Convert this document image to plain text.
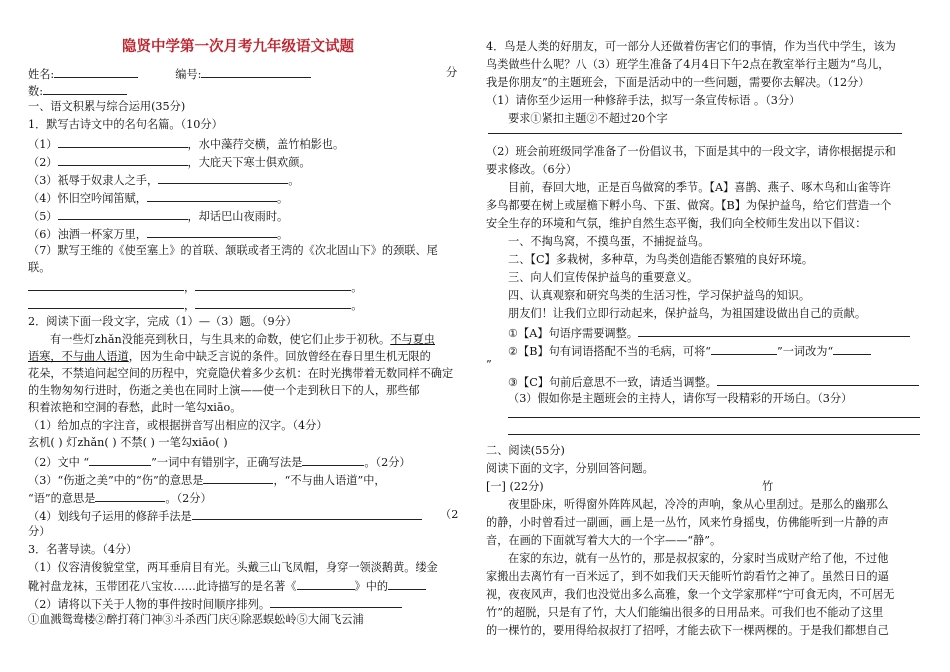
隐贤中学第一次月考九年级语文试题
姓名:	编号:	分
数:
一、语文积累与综合运用(35分)
1．默写古诗文中的名句名篇。（10分）
（1）	，水中藻荇交横，盖竹柏影也。
（2）	，大庇天下寒士俱欢颜。
（3）祇辱于奴隶人之手，	。
（4）怀旧空吟闻笛赋，	。
（5）	，却话巴山夜雨时。
（6）浊酒一杯家万里，	。
（7）默写王维的《使至塞上》的首联、颔联或者王湾的《次北固山下》的颈联、尾
联。
，	。
，	。
2．阅读下面一段文字，完成（1）—（3）题。（9分）
有一些灯zhǎn没能亮到秋日，与生具来的命数，使它们止步于初秋。不与夏虫
语寒，不与曲人语道，因为生命中缺乏言说的条件。回放曾经在春日里生机无限的
花朵，不禁追问起空间的历程中，究竟隐伏着多少玄机：在时光携带着无数同样不确定
的生物匆匆行进时，伤逝之美也在同时上演——使一个走到秋日下的人，那些郁
积着浓艳和空洞的春愁，此时一笔勾xiāo。
（1）给加点的字注音，或根据拼音写出相应的汉字。（4分）
玄机( ) 灯zhǎn( ) 不禁( ) 一笔勾xiāo( )
（2）文中 “	”一词中有错别字，正确写法是	。（2分）
（3）“伤逝之美”中的“伤”的意思是	，“不与曲人语道”中，
“语”的意思是	。（2分）
（4）划线句子运用的修辞手法是	（2
分）
3．名著导读。（4分）
（1）仪容清俊貌堂堂，两耳垂肩目有光。头戴三山飞凤帽，身穿一领淡鹅黄。缕金
靴衬盘龙袜，玉带团花八宝妆……此诗描写的是名著《	》中的
（2）请将以下关于人物的事件按时间顺序排列。
①血溅鸳鸯楼②醉打蒋门神③斗杀西门庆④除恶蜈蚣岭⑤大闹飞云浦
4．鸟是人类的好朋友，可一部分人还做着伤害它们的事情，作为当代中学生，该为
鸟类做些什么呢？八（3）班学生准备了4月4日下午2点在教室举行主题为“鸟儿，
我是你朋友”的主题班会，下面是活动中的一些问题，需要你去解决。（12分）
（1）请你至少运用一种修辞手法，拟写一条宣传标语 。（3分）
要求①紧扣主题②不超过20个字
（2）班会前班级同学准备了一份倡议书，下面是其中的一段文字，请你根据提示和
要求修改。（6分）
目前，春回大地，正是百鸟做窝的季节。【A】喜鹊、燕子、啄木鸟和山雀等许
多鸟都要在树上或屋檐下孵小鸟、下蛋、做窝。【B】为保护益鸟，给它们营造一个
安全生存的环境和气氛，维护自然生态平衡，我们向全校师生发出以下倡议：
一、不掏鸟窝，不摸鸟蛋，不捕捉益鸟。
二、【C】多栽树，多种草，为鸟类创造能否繁殖的良好环境。
三、向人们宣传保护益鸟的重要意义。
四、认真观察和研究鸟类的生活习性，学习保护益鸟的知识。
朋友们！让我们立即行动起来，保护益鸟，为祖国建设做出自己的贡献。
①【A】句语序需要调整。
②【B】句有词语搭配不当的毛病，可将“	”一词改为“
”
③【C】句前后意思不一致，请适当调整。
（3）假如你是主题班会的主持人，请你写一段精彩的开场白。（3分）
二、阅读(55分)
阅读下面的文字，分别回答问题。
[一] (22分)	竹
夜里卧床，听得窗外阵阵风起，冷冷的声响，象从心里刮过。是那么的幽那么
的静，小时曾看过一副画，画上是一丛竹，风来竹身摇曳，仿佛能听到一片静的声
音，在画的下面就写着大大的一个字——“静”。
在家的东边，就有一丛竹的，那是叔叔家的，分家时当成财产给了他，不过他
家搬出去离竹有一百米远了，到不如我们天天能听竹韵看竹之神了。虽然日日的逼
视，夜夜风声，我们也没觉出多么高雅，象一个文学家那样“宁可食无肉，不可居无
竹”的超脱，只是有了竹，大人们能编出很多的日用品来。可我们也不能动了这里
的一棵竹的，要用得给叔叔打了招呼，才能去砍下一棵两棵的。于是我们都想自己
